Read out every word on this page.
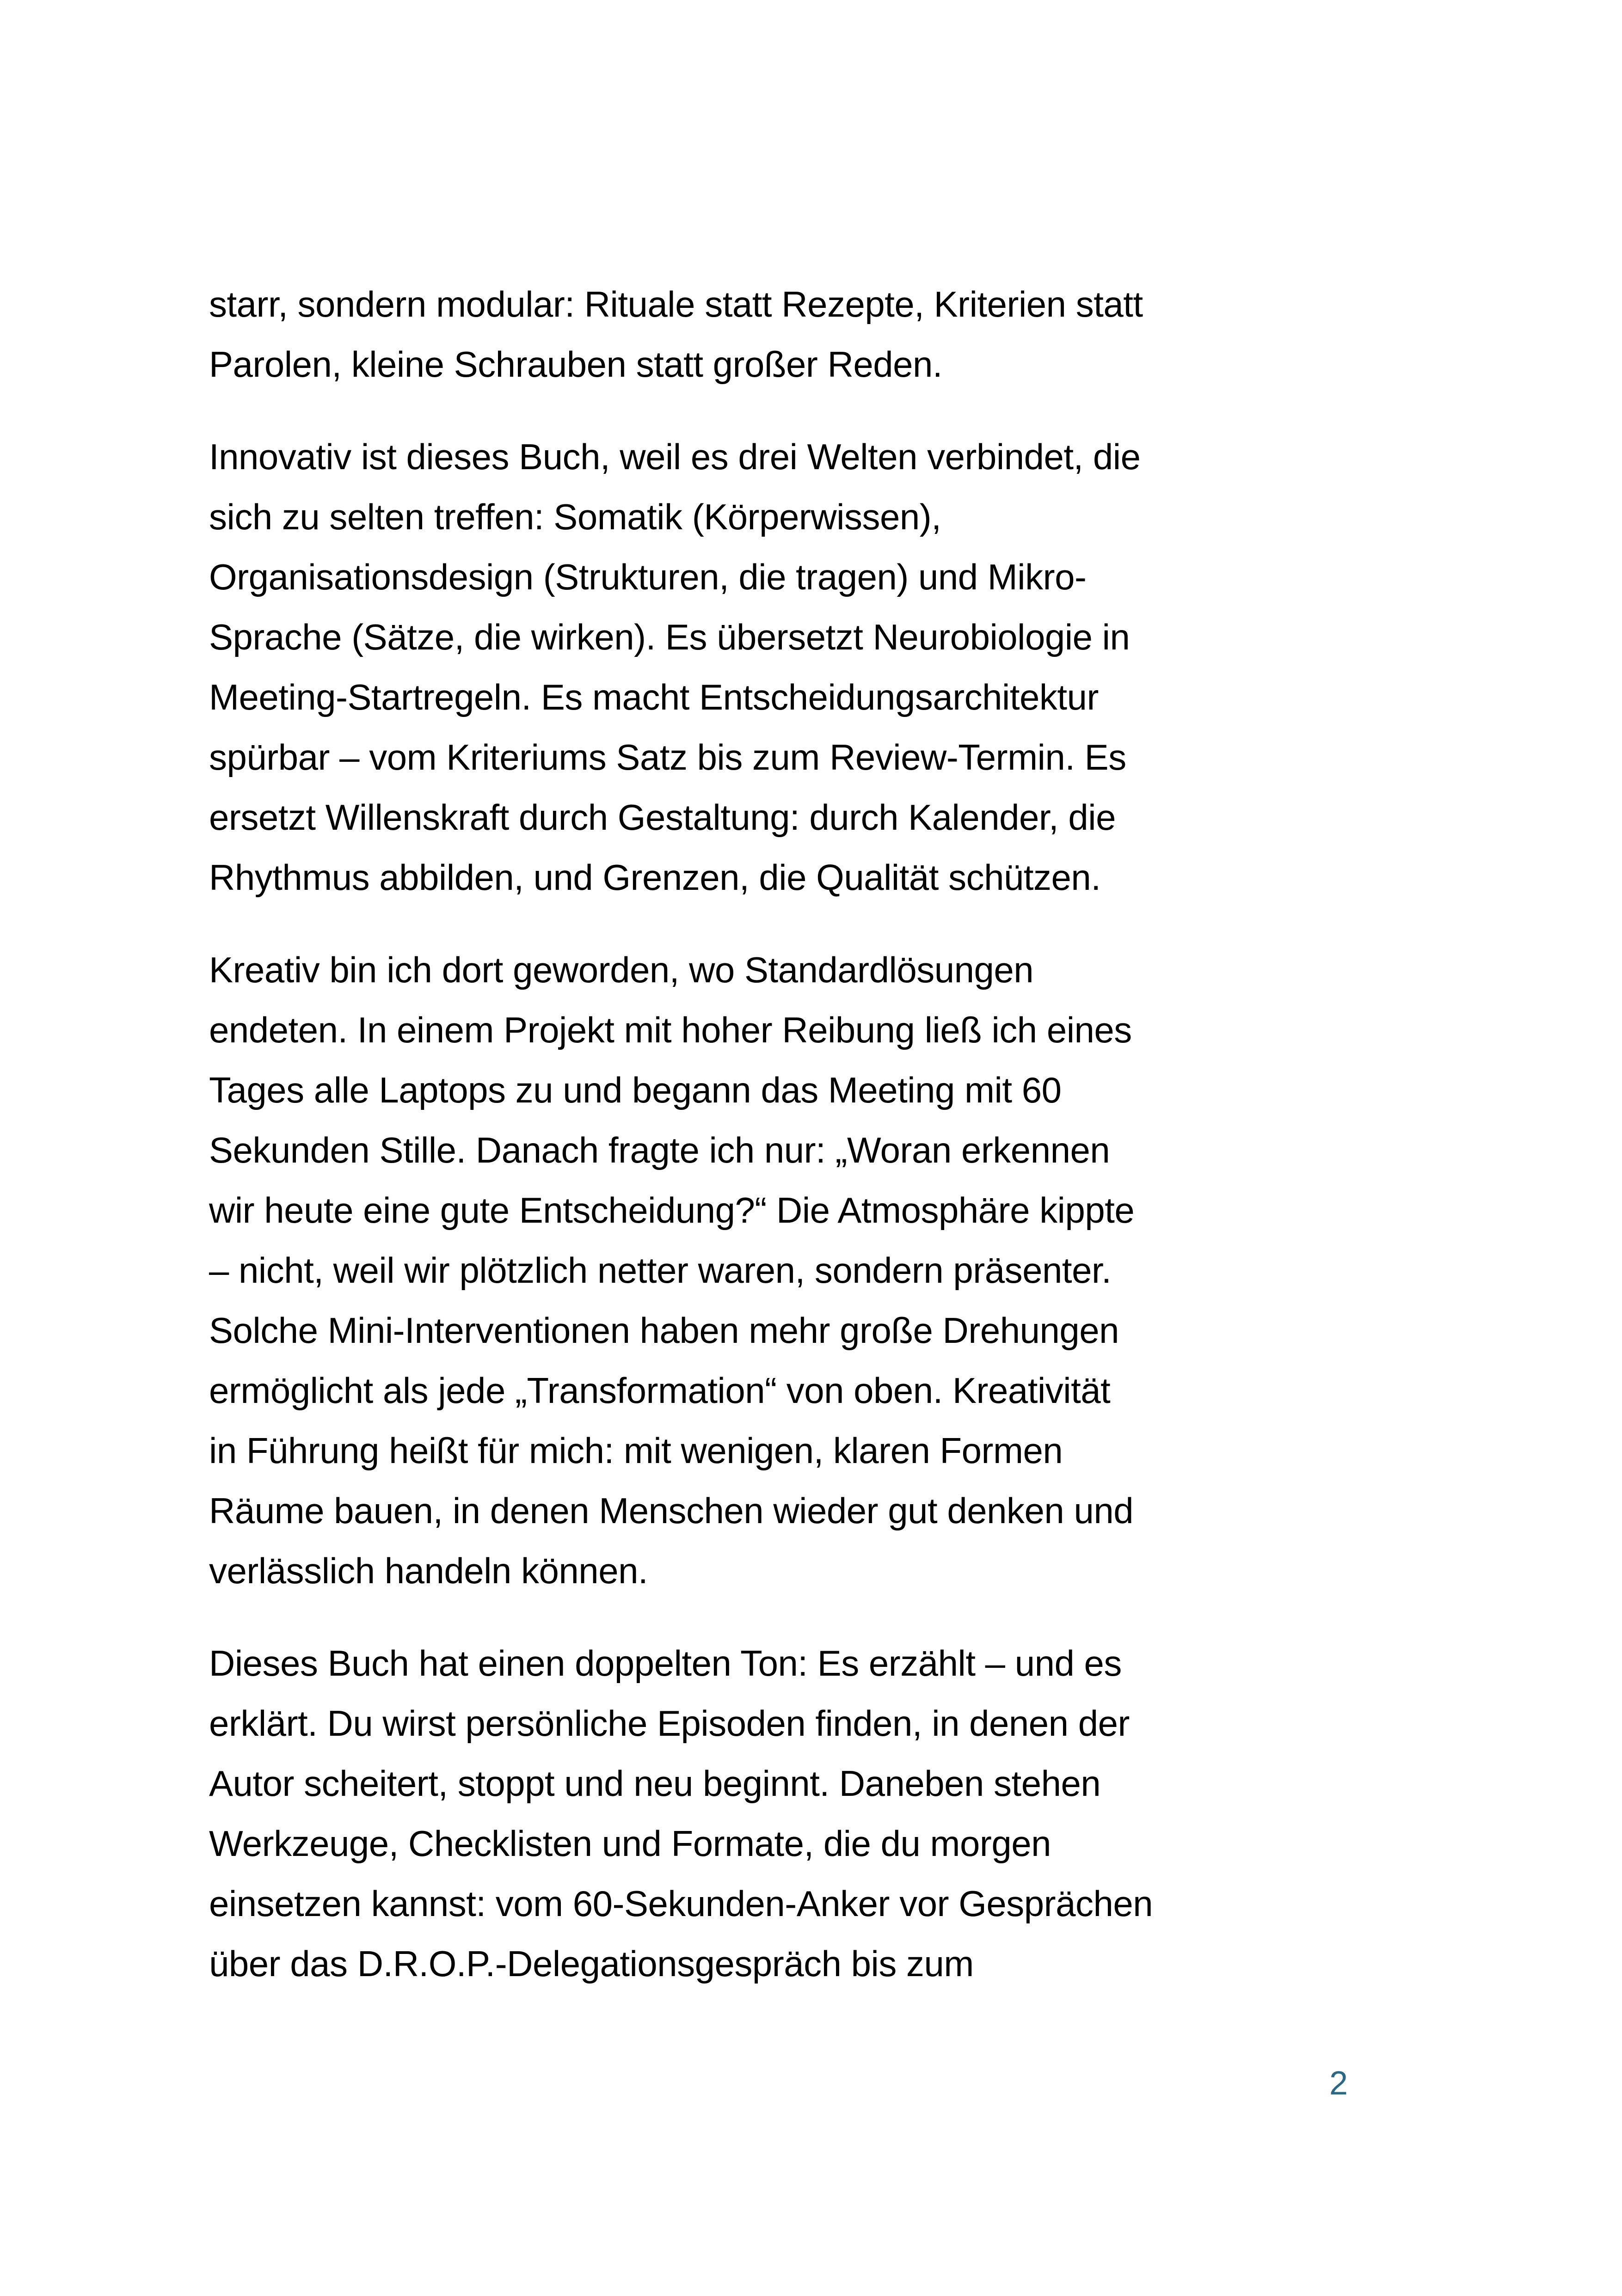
starr, sondern modular: Rituale statt Rezepte, Kriterien statt
Parolen, kleine Schrauben statt großer Reden.

Innovativ ist dieses Buch, weil es drei Welten verbindet, die
sich zu selten treffen: Somatik (Körperwissen),
Organisationsdesign (Strukturen, die tragen) und Mikro-
Sprache (Sätze, die wirken). Es übersetzt Neurobiologie in
Meeting-Startregeln. Es macht Entscheidungsarchitektur
spürbar – vom Kriteriums Satz bis zum Review-Termin. Es
ersetzt Willenskraft durch Gestaltung: durch Kalender, die
Rhythmus abbilden, und Grenzen, die Qualität schützen.

Kreativ bin ich dort geworden, wo Standardlösungen
endeten. In einem Projekt mit hoher Reibung ließ ich eines
Tages alle Laptops zu und begann das Meeting mit 60
Sekunden Stille. Danach fragte ich nur: „Woran erkennen
wir heute eine gute Entscheidung?“ Die Atmosphäre kippte
– nicht, weil wir plötzlich netter waren, sondern präsenter.
Solche Mini-Interventionen haben mehr große Drehungen
ermöglicht als jede „Transformation“ von oben. Kreativität
in Führung heißt für mich: mit wenigen, klaren Formen
Räume bauen, in denen Menschen wieder gut denken und
verlässlich handeln können.

Dieses Buch hat einen doppelten Ton: Es erzählt – und es
erklärt. Du wirst persönliche Episoden finden, in denen der
Autor scheitert, stoppt und neu beginnt. Daneben stehen
Werkzeuge, Checklisten und Formate, die du morgen
einsetzen kannst: vom 60-Sekunden-Anker vor Gesprächen
über das D.R.O.P.-Delegationsgespräch bis zum

2
